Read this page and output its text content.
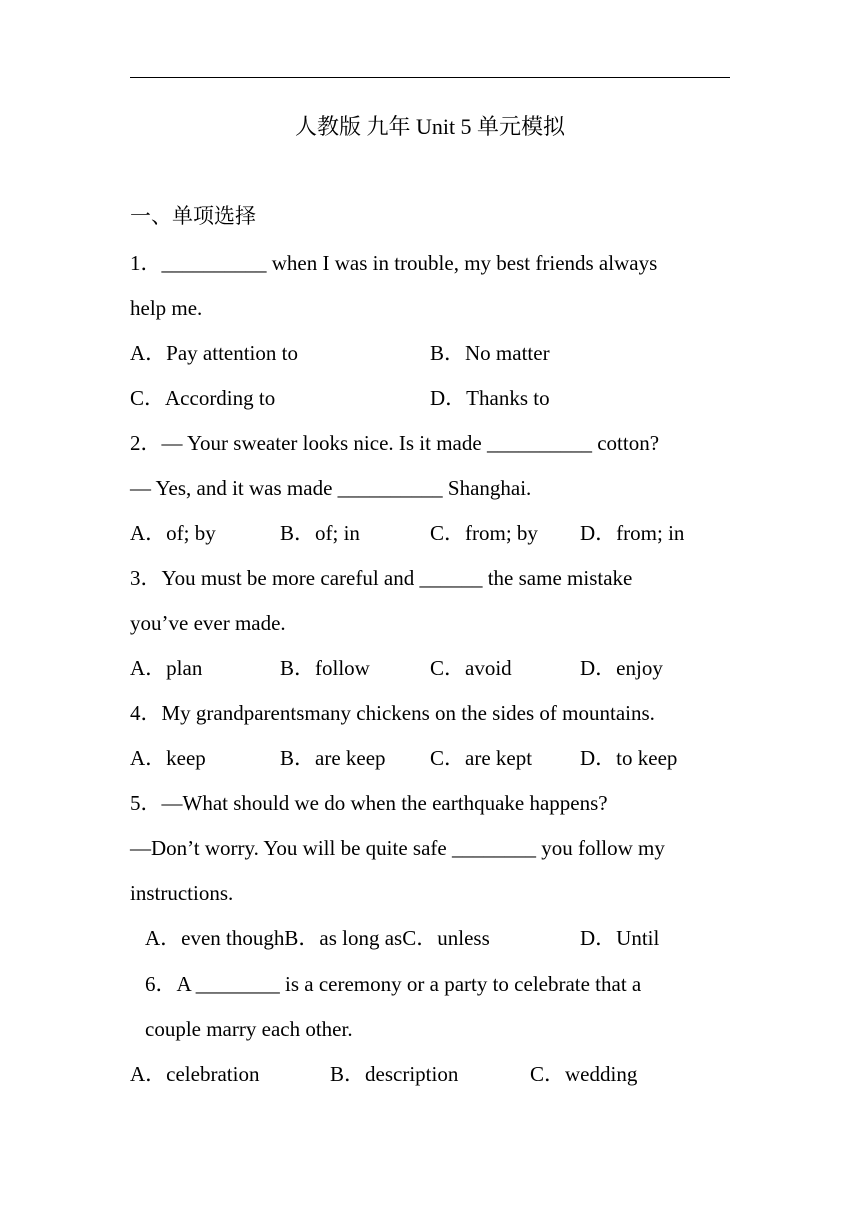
人教版 九年 Unit 5 单元模拟
一、单项选择
1．__________ when I was in trouble, my best friends always
help me.
A．Pay attention to	B．No matter
C．According to	D．Thanks to
2．— Your sweater looks nice. Is it made __________ cotton?
— Yes, and it was made __________ Shanghai.
A．of; by	B．of; in	C．from; by D．from; in
3．You must be more careful and ______ the same mistake
you’ve ever made.
A．plan	B．follow	C．avoid	D．enjoy
4．My grandparentsmany chickens on the sides of mountains.
A．keep	B．are keep C．are kept D．to keep
5．—What should we do when the earthquake happens?
—Don’t worry. You will be quite safe ________ you follow my
instructions.
A．even thoughB．as long asC．unless	D．Until
6．A ________ is a ceremony or a party to celebrate that a
couple marry each other.
A．celebration	B．description	C．wedding
